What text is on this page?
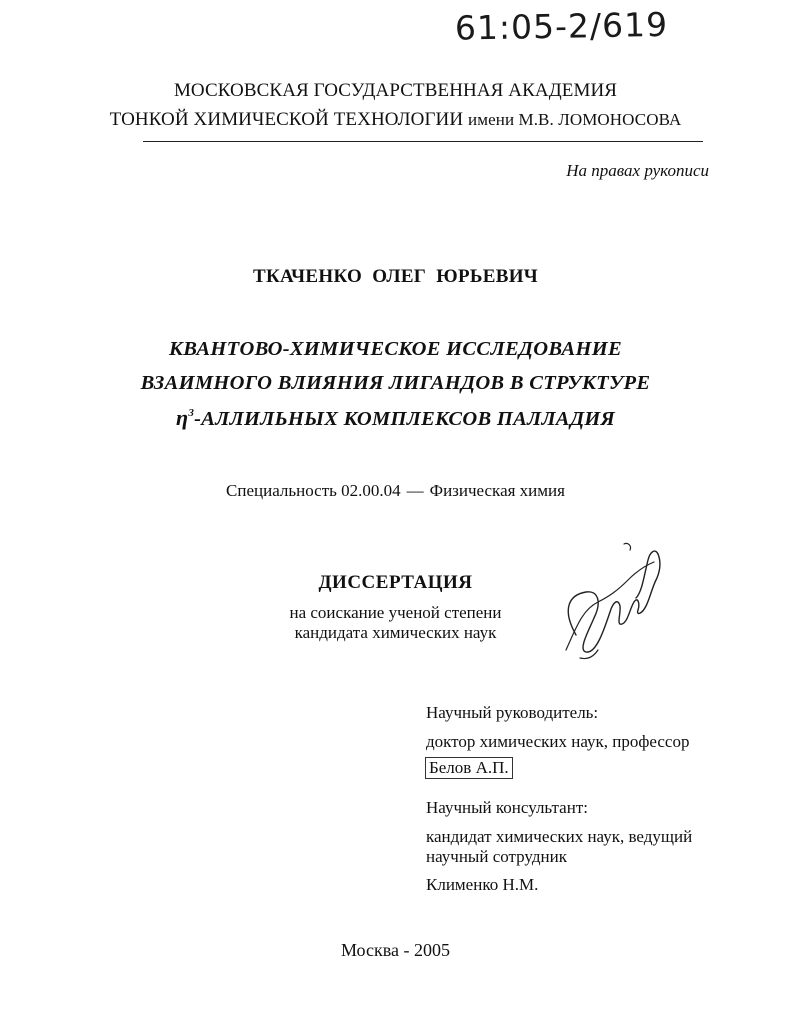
61:05-2/619
МОСКОВСКАЯ ГОСУДАРСТВЕННАЯ АКАДЕМИЯ
ТОНКОЙ ХИМИЧЕСКОЙ ТЕХНОЛОГИИ имени М.В. ЛОМОНОСОВА
На правах рукописи
ТКАЧЕНКО  ОЛЕГ  ЮРЬЕВИЧ
КВАНТОВО-ХИМИЧЕСКОЕ ИССЛЕДОВАНИЕ
ВЗАИМНОГО ВЛИЯНИЯ ЛИГАНДОВ В СТРУКТУРЕ
$\eta^3$-АЛЛИЛЬНЫХ КОМПЛЕКСОВ ПАЛЛАДИЯ
Специальность 02.00.04 — Физическая химия
ДИССЕРТАЦИЯ
на соискание ученой степени
кандидата химических наук
Научный руководитель:
доктор химических наук, профессор
Белов А.П.
Научный консультант:
кандидат химических наук, ведущий научный сотрудник
Клименко Н.М.
Москва - 2005
